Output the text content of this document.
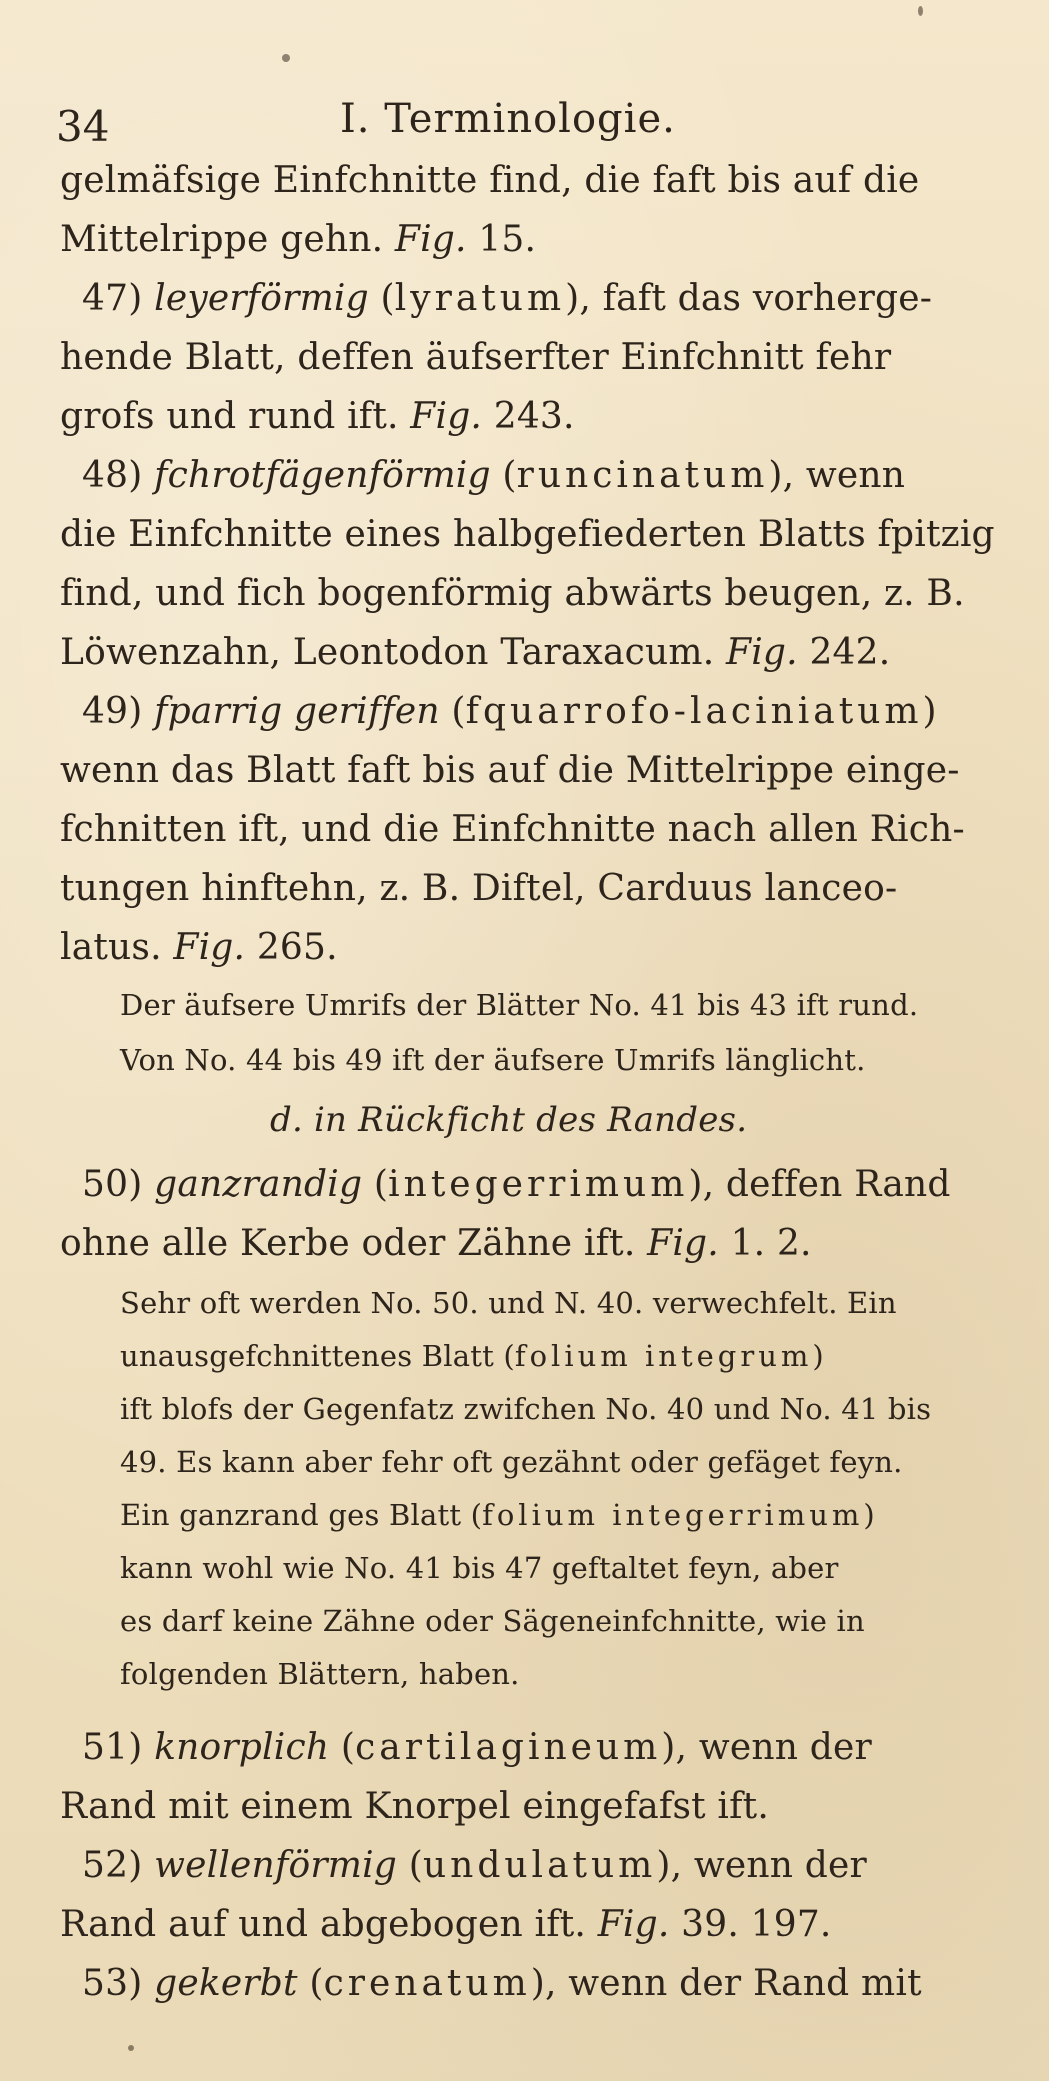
34	I. Terminologie.
gelmäfsige Einfchnitte find, die faft bis auf die
Mittelrippe gehn. Fig. 15.
47) leyerförmig (lyratum), faft das vorherge-
hende Blatt, deffen äufserfter Einfchnitt fehr
grofs und rund ift. Fig. 243.
48) fchrotfägenförmig (runcinatum), wenn
die Einfchnitte eines halbgefiederten Blatts fpitzig
find, und fich bogenförmig abwärts beugen, z. B.
Löwenzahn, Leontodon Taraxacum. Fig. 242.
49) fparrig geriffen (fquarrofo-laciniatum)
wenn das Blatt faft bis auf die Mittelrippe einge-
fchnitten ift, und die Einfchnitte nach allen Rich-
tungen hinftehn, z. B. Diftel, Carduus lanceo-
latus. Fig. 265.
Der äufsere Umrifs der Blätter No. 41 bis 43 ift rund.
Von No. 44 bis 49 ift der äufsere Umrifs länglicht.
d. in Rückficht des Randes.
50) ganzrandig (integerrimum), deffen Rand
ohne alle Kerbe oder Zähne ift. Fig. 1. 2.
Sehr oft werden No. 50. und N. 40. verwechfelt. Ein
unausgefchnittenes Blatt (folium integrum)
ift blofs der Gegenfatz zwifchen No. 40 und No. 41 bis
49. Es kann aber fehr oft gezähnt oder gefäget feyn.
Ein ganzrand ges Blatt (folium integerrimum)
kann wohl wie No. 41 bis 47 geftaltet feyn, aber
es darf keine Zähne oder Sägeneinfchnitte, wie in
folgenden Blättern, haben.
51) knorplich (cartilagineum), wenn der
Rand mit einem Knorpel eingefafst ift.
52) wellenförmig (undulatum), wenn der
Rand auf und abgebogen ift. Fig. 39. 197.
53) gekerbt (crenatum), wenn der Rand mit
